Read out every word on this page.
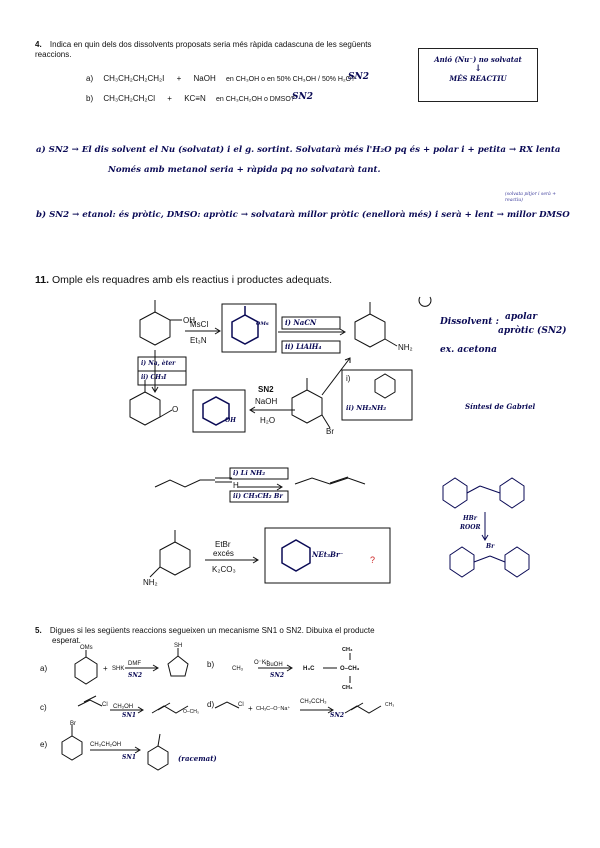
4. Indica en quin dels dos dissolvents proposats seria més ràpida cadascuna de les següents reaccions.
a) CH₃CH₂CH₂CH₂I + NaOH en CH₃OH o en 50% CH₃OH / 50% H₂O?
SN2
b) CH₃CH₂CH₂Cl + KC≡N en CH₃CH₂OH o DMSO?
SN2
Anió (Nu⁻) no solvatat
↓
MÉS REACTIU
a) SN2 → El dis solvent el Nu (solvatat) i el g. sortint. Solvatarà més l'H₂O pq és + polar i + petita → RX lenta
Només amb metanol seria + ràpida pq no solvatarà tant.
(solvata pitjor i serà + reactiu)
b) SN2 → etanol: és pròtic, DMSO: apròtic → solvatarà millor pròtic (enellorà més) i serà + lent → millor DMSO
11. Omple els requadres amb els reactius i productes adequats.
OH
MsCl
Et₃N
OMs i) NaCN
ii) LiAlH₄	NH₂
i) Na, èter
ii) CH₃I
O
SN2
NaOH
H₂O
Br
OH
i)
ii) NH₂NH₂
Dissolvent : apolar
apròtic (SN2)
ex. acetona
Síntesi de Gabriel
H
i) Li NH₂
ii) CH₃CH₂ Br
EtBr
excés
K₂CO₃
NH₂
NEt₃Br⁻
?
HBr
ROOR
Br
5. Digues si les següents reaccions segueixen un mecanisme SN1 o SN2. Dibuixa el producte
esperat.
a)
OMs
+ SHK
DMF
SN2
SH
b)	CH₃
O⁻K⁺
ᵗBuOH
SN2
H₃C	O–CH₃
CH₃
CH₃
c)	Cl CH₃OH
SN1	O–CH₃
d)	Cl + CH₃C–O⁻Na⁺
CH₃CCH₃
SN2
CH₃
e)
Br
CH₃CH₂OH
SN1	(racemat)
